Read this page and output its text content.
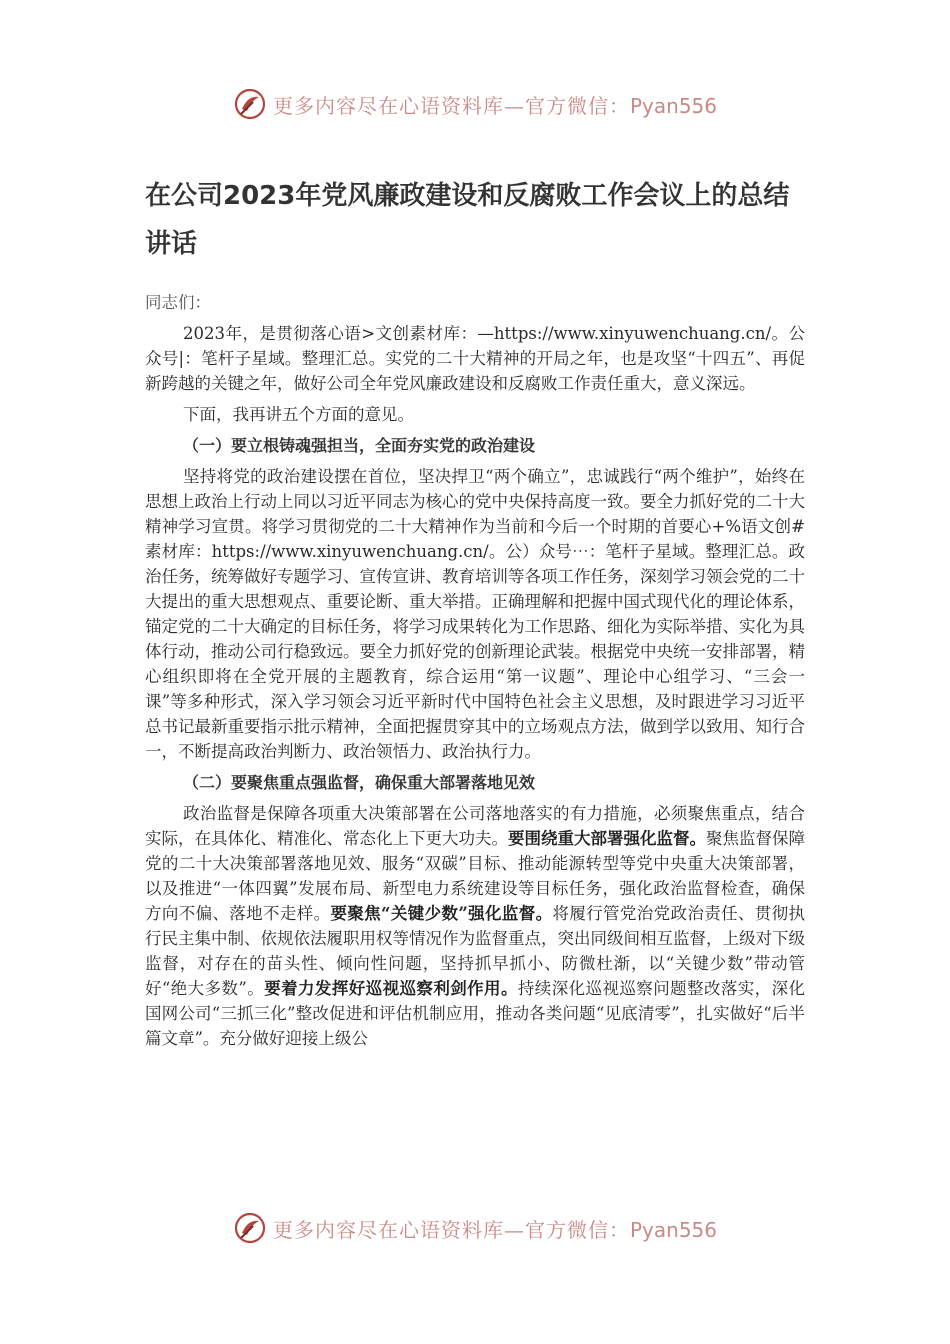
更多内容尽在心语资料库—官方微信：Pyan556
在公司2023年党风廉政建设和反腐败工作会议上的总结讲话

同志们：

2023年，是贯彻落心语>文创素材库：—https://www.xinyuwenchuang.cn/。公众号|：笔杆子星域。整理汇总。实党的二十大精神的开局之年，也是攻坚“十四五”、再促新跨越的关键之年，做好公司全年党风廉政建设和反腐败工作责任重大，意义深远。

下面，我再讲五个方面的意见。

（一）要立根铸魂强担当，全面夯实党的政治建设

坚持将党的政治建设摆在首位，坚决捍卫“两个确立”，忠诚践行“两个维护”，始终在思想上政治上行动上同以习近平同志为核心的党中央保持高度一致。要全力抓好党的二十大精神学习宣贯。将学习贯彻党的二十大精神作为当前和今后一个时期的首要心+%语文创#素材库：https://www.xinyuwenchuang.cn/。公）众号⋯：笔杆子星域。整理汇总。政治任务，统筹做好专题学习、宣传宣讲、教育培训等各项工作任务，深刻学习领会党的二十大提出的重大思想观点、重要论断、重大举措。正确理解和把握中国式现代化的理论体系，锚定党的二十大确定的目标任务，将学习成果转化为工作思路、细化为实际举措、实化为具体行动，推动公司行稳致远。要全力抓好党的创新理论武装。根据党中央统一安排部署，精心组织即将在全党开展的主题教育，综合运用“第一议题”、理论中心组学习、“三会一课”等多种形式，深入学习领会习近平新时代中国特色社会主义思想，及时跟进学习习近平总书记最新重要指示批示精神，全面把握贯穿其中的立场观点方法，做到学以致用、知行合一，不断提高政治判断力、政治领悟力、政治执行力。

（二）要聚焦重点强监督，确保重大部署落地见效

政治监督是保障各项重大决策部署在公司落地落实的有力措施，必须聚焦重点，结合实际，在具体化、精准化、常态化上下更大功夫。要围绕重大部署强化监督。聚焦监督保障党的二十大决策部署落地见效、服务“双碳”目标、推动能源转型等党中央重大决策部署，以及推进“一体四翼”发展布局、新型电力系统建设等目标任务，强化政治监督检查，确保方向不偏、落地不走样。要聚焦“关键少数”强化监督。将履行管党治党政治责任、贯彻执行民主集中制、依规依法履职用权等情况作为监督重点，突出同级间相互监督，上级对下级监督，对存在的苗头性、倾向性问题，坚持抓早抓小、防微杜渐，以“关键少数”带动管好“绝大多数”。要着力发挥好巡视巡察利剑作用。持续深化巡视巡察问题整改落实，深化国网公司“三抓三化”整改促进和评估机制应用，推动各类问题“见底清零”，扎实做好“后半篇文章”。充分做好迎接上级公

更多内容尽在心语资料库—官方微信：Pyan556
